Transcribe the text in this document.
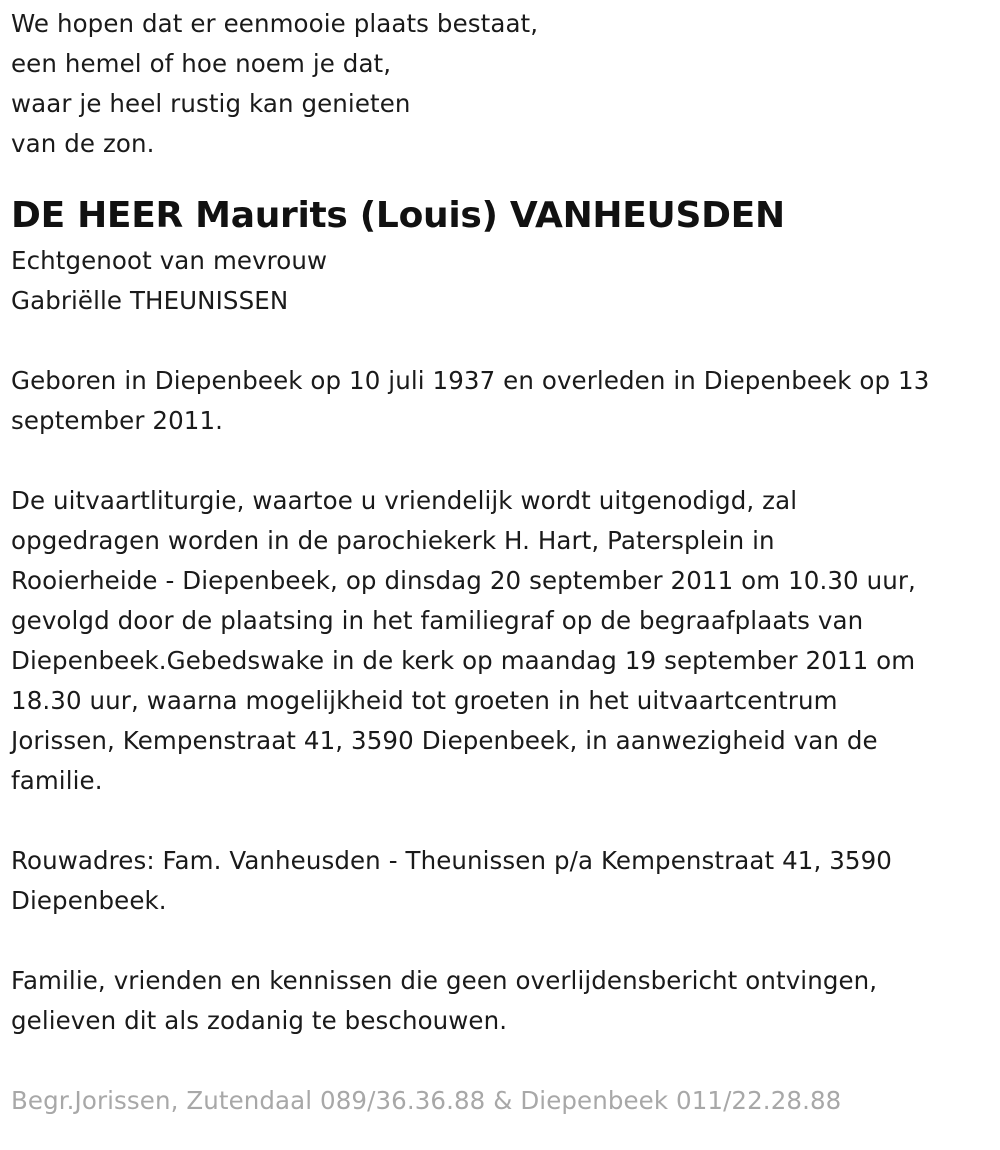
We hopen dat er eenmooie plaats bestaat,
een hemel of hoe noem je dat,
waar je heel rustig kan genieten
van de zon.
DE HEER Maurits (Louis) VANHEUSDEN
Echtgenoot van mevrouw
Gabriëlle THEUNISSEN
Geboren in Diepenbeek op 10 juli 1937 en overleden in Diepenbeek op 13
september 2011.
De uitvaartliturgie, waartoe u vriendelijk wordt uitgenodigd, zal
opgedragen worden in de parochiekerk H. Hart, Patersplein in
Rooierheide - Diepenbeek, op dinsdag 20 september 2011 om 10.30 uur,
gevolgd door de plaatsing in het familiegraf op de begraafplaats van
Diepenbeek.Gebedswake in de kerk op maandag 19 september 2011 om
18.30 uur, waarna mogelijkheid tot groeten in het uitvaartcentrum
Jorissen, Kempenstraat 41, 3590 Diepenbeek, in aanwezigheid van de
familie.
Rouwadres: Fam. Vanheusden - Theunissen p/a Kempenstraat 41, 3590
Diepenbeek.
Familie, vrienden en kennissen die geen overlijdensbericht ontvingen,
gelieven dit als zodanig te beschouwen.
Begr.Jorissen, Zutendaal 089/36.36.88 & Diepenbeek 011/22.28.88
